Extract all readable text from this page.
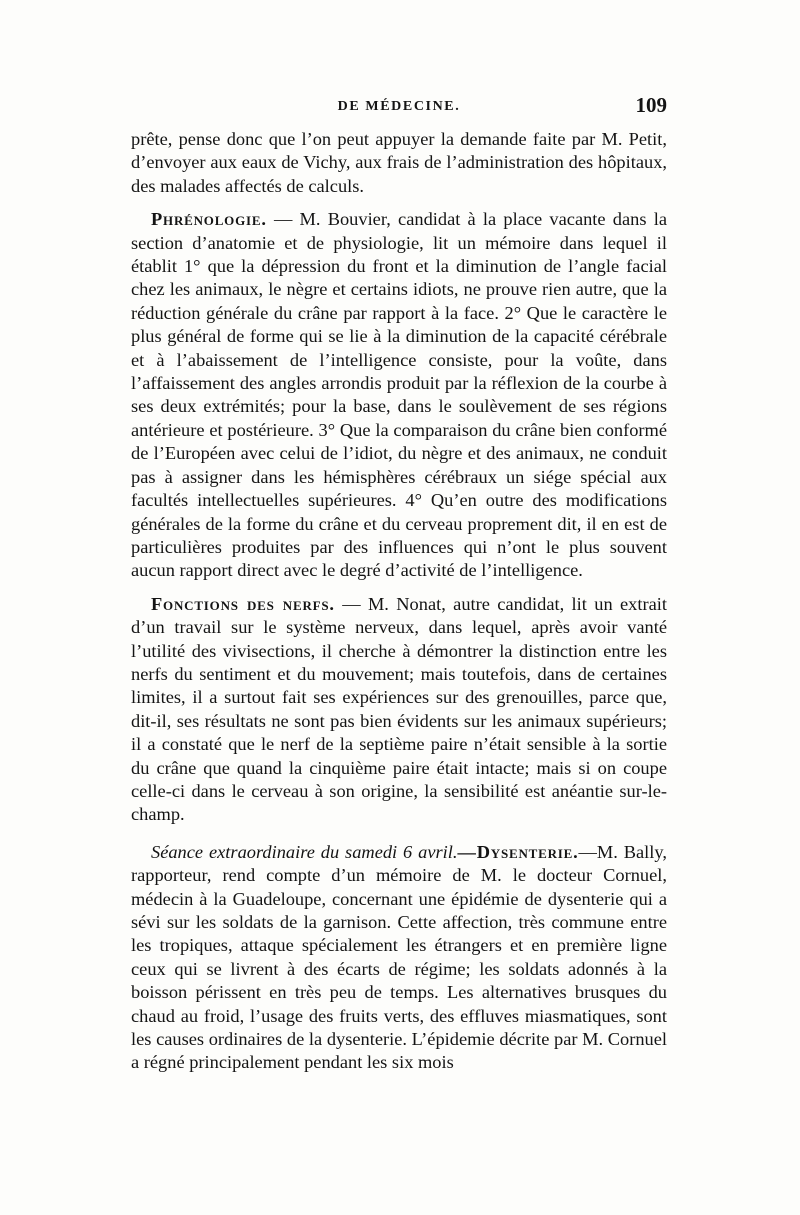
DE MÉDECINE.	109

prête, pense donc que l’on peut appuyer la demande faite par M. Petit, d’envoyer aux eaux de Vichy, aux frais de l’administration des hôpitaux, des malades affectés de calculs.

Phrénologie. — M. Bouvier, candidat à la place vacante dans la section d’anatomie et de physiologie, lit un mémoire dans lequel il établit 1° que la dépression du front et la diminution de l’angle facial chez les animaux, le nègre et certains idiots, ne prouve rien autre, que la réduction générale du crâne par rapport à la face. 2° Que le caractère le plus général de forme qui se lie à la diminution de la capacité cérébrale et à l’abaissement de l’intelligence consiste, pour la voûte, dans l’affaissement des angles arrondis produit par la réflexion de la courbe à ses deux extrémités; pour la base, dans le soulèvement de ses régions antérieure et postérieure. 3° Que la comparaison du crâne bien conformé de l’Européen avec celui de l’idiot, du nègre et des animaux, ne conduit pas à assigner dans les hémisphères cérébraux un siége spécial aux facultés intellectuelles supérieures. 4° Qu’en outre des modifications générales de la forme du crâne et du cerveau proprement dit, il en est de particulières produites par des influences qui n’ont le plus souvent aucun rapport direct avec le degré d’activité de l’intelligence.

Fonctions des nerfs. — M. Nonat, autre candidat, lit un extrait d’un travail sur le système nerveux, dans lequel, après avoir vanté l’utilité des vivisections, il cherche à démontrer la distinction entre les nerfs du sentiment et du mouvement; mais toutefois, dans de certaines limites, il a surtout fait ses expériences sur des grenouilles, parce que, dit-il, ses résultats ne sont pas bien évidents sur les animaux supérieurs; il a constaté que le nerf de la septième paire n’était sensible à la sortie du crâne que quand la cinquième paire était intacte; mais si on coupe celle-ci dans le cerveau à son origine, la sensibilité est anéantie sur-le-champ.

Séance extraordinaire du samedi 6 avril.—Dysenterie.—M. Bally, rapporteur, rend compte d’un mémoire de M. le docteur Cornuel, médecin à la Guadeloupe, concernant une épidémie de dysenterie qui a sévi sur les soldats de la garnison. Cette affection, très commune entre les tropiques, attaque spécialement les étrangers et en première ligne ceux qui se livrent à des écarts de régime; les soldats adonnés à la boisson périssent en très peu de temps. Les alternatives brusques du chaud au froid, l’usage des fruits verts, des effluves miasmatiques, sont les causes ordinaires de la dysenterie. L’épidemie décrite par M. Cornuel a régné principalement pendant les six mois
